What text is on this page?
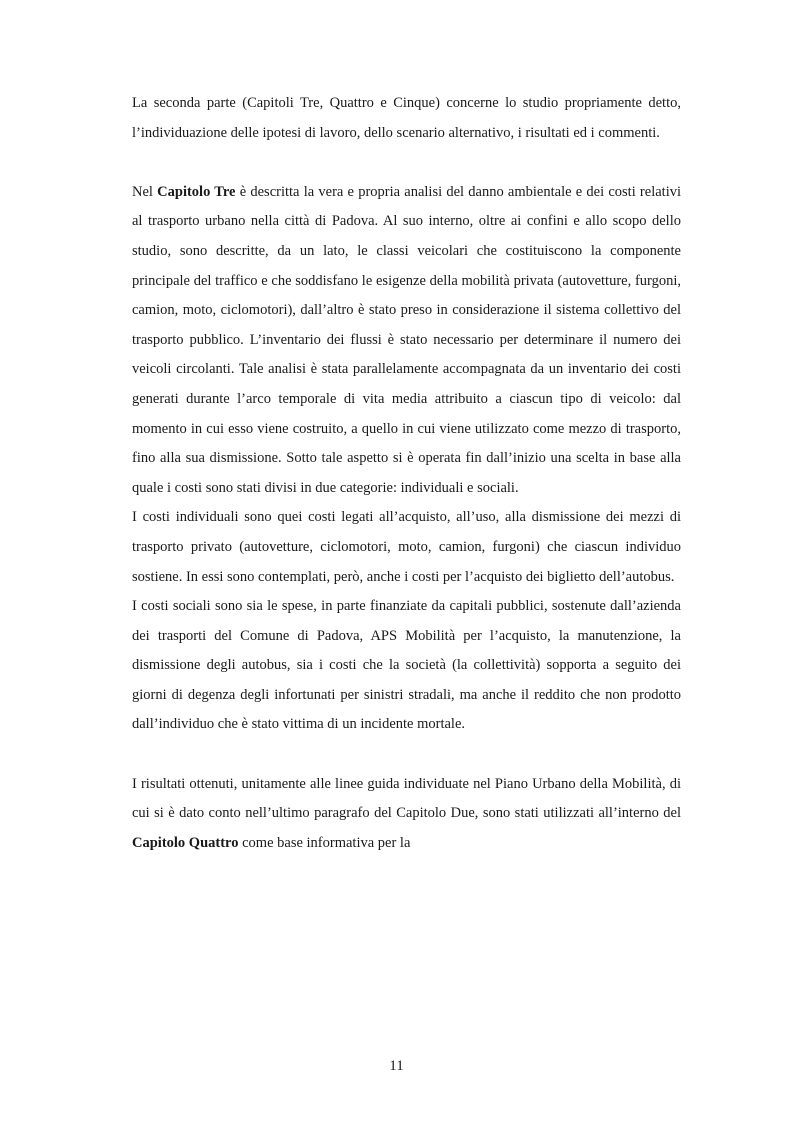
La seconda parte (Capitoli Tre, Quattro e Cinque) concerne lo studio propriamente detto, l’individuazione delle ipotesi di lavoro, dello scenario alternativo, i risultati ed i commenti.

Nel Capitolo Tre è descritta la vera e propria analisi del danno ambientale e dei costi relativi al trasporto urbano nella città di Padova. Al suo interno, oltre ai confini e allo scopo dello studio, sono descritte, da un lato, le classi veicolari che costituiscono la componente principale del traffico e che soddisfano le esigenze della mobilità privata (autovetture, furgoni, camion, moto, ciclomotori), dall’altro è stato preso in considerazione il sistema collettivo del trasporto pubblico. L’inventario dei flussi è stato necessario per determinare il numero dei veicoli circolanti. Tale analisi è stata parallelamente accompagnata da un inventario dei costi generati durante l’arco temporale di vita media attribuito a ciascun tipo di veicolo: dal momento in cui esso viene costruito, a quello in cui viene utilizzato come mezzo di trasporto, fino alla sua dismissione. Sotto tale aspetto si è operata fin dall’inizio una scelta in base alla quale i costi sono stati divisi in due categorie: individuali e sociali.

I costi individuali sono quei costi legati all’acquisto, all’uso, alla dismissione dei mezzi di trasporto privato (autovetture, ciclomotori, moto, camion, furgoni) che ciascun individuo sostiene. In essi sono contemplati, però, anche i costi per l’acquisto dei biglietto dell’autobus.

I costi sociali sono sia le spese, in parte finanziate da capitali pubblici, sostenute dall’azienda dei trasporti del Comune di Padova, APS Mobilità per l’acquisto, la manutenzione, la dismissione degli autobus, sia i costi che la società (la collettività) sopporta a seguito dei giorni di degenza degli infortunati per sinistri stradali, ma anche il reddito che non prodotto dall’individuo che è stato vittima di un incidente mortale.

I risultati ottenuti, unitamente alle linee guida individuate nel Piano Urbano della Mobilità, di cui si è dato conto nell’ultimo paragrafo del Capitolo Due, sono stati utilizzati all’interno del Capitolo Quattro come base informativa per la

11
